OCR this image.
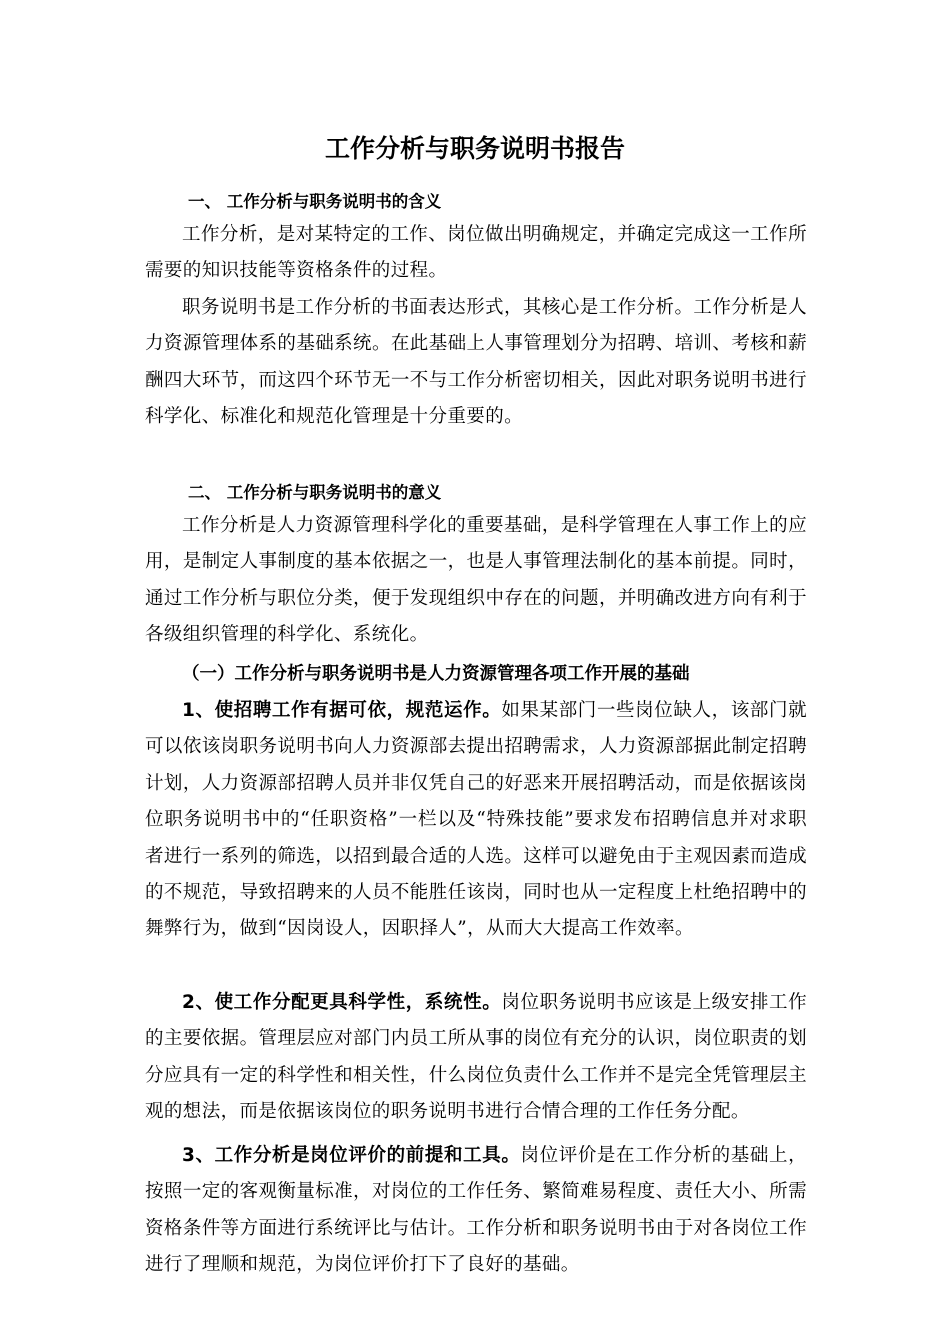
工作分析与职务说明书报告
一、 工作分析与职务说明书的含义

工作分析，是对某特定的工作、岗位做出明确规定，并确定完成这一工作所需要的知识技能等资格条件的过程。

职务说明书是工作分析的书面表达形式，其核心是工作分析。工作分析是人力资源管理体系的基础系统。在此基础上人事管理划分为招聘、培训、考核和薪酬四大环节，而这四个环节无一不与工作分析密切相关，因此对职务说明书进行科学化、标准化和规范化管理是十分重要的。

二、 工作分析与职务说明书的意义

工作分析是人力资源管理科学化的重要基础，是科学管理在人事工作上的应用，是制定人事制度的基本依据之一，也是人事管理法制化的基本前提。同时，通过工作分析与职位分类，便于发现组织中存在的问题，并明确改进方向有利于各级组织管理的科学化、系统化。

（一）工作分析与职务说明书是人力资源管理各项工作开展的基础

1、使招聘工作有据可依，规范运作。如果某部门一些岗位缺人，该部门就可以依该岗职务说明书向人力资源部去提出招聘需求，人力资源部据此制定招聘计划，人力资源部招聘人员并非仅凭自己的好恶来开展招聘活动，而是依据该岗位职务说明书中的“任职资格”一栏以及“特殊技能”要求发布招聘信息并对求职者进行一系列的筛选，以招到最合适的人选。这样可以避免由于主观因素而造成的不规范，导致招聘来的人员不能胜任该岗，同时也从一定程度上杜绝招聘中的舞弊行为，做到“因岗设人，因职择人”，从而大大提高工作效率。

2、使工作分配更具科学性，系统性。岗位职务说明书应该是上级安排工作的主要依据。管理层应对部门内员工所从事的岗位有充分的认识，岗位职责的划分应具有一定的科学性和相关性，什么岗位负责什么工作并不是完全凭管理层主观的想法，而是依据该岗位的职务说明书进行合情合理的工作任务分配。

3、工作分析是岗位评价的前提和工具。岗位评价是在工作分析的基础上，按照一定的客观衡量标准，对岗位的工作任务、繁简难易程度、责任大小、所需资格条件等方面进行系统评比与估计。工作分析和职务说明书由于对各岗位工作进行了理顺和规范，为岗位评价打下了良好的基础。
